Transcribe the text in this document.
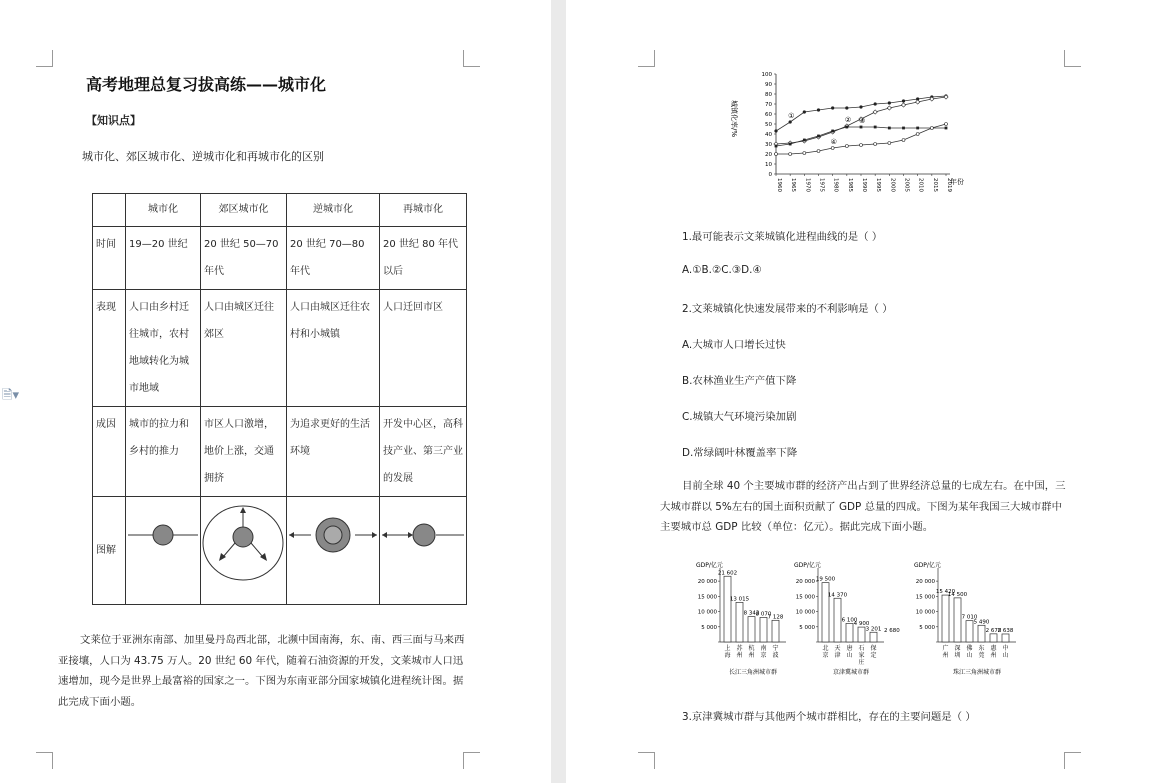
🗎▾
高考地理总复习拔高练——城市化
【知识点】
城市化、郊区城市化、逆城市化和再城市化的区别
	城市化	郊区城市化	逆城市化	再城市化
时间	19—20 世纪	20 世纪 50—70 年代	20 世纪 70—80 年代	20 世纪 80 年代以后
表现	人口由乡村迁往城市，农村地域转化为城市地域	人口由城区迁往郊区	人口由城区迁往农村和小城镇	人口迁回市区
成因	城市的拉力和乡村的推力	市区人口激增，地价上涨，交通拥挤	为追求更好的生活环境	开发中心区，高科技产业、第三产业的发展
图解				
文莱位于亚洲东南部、加里曼丹岛西北部，北濒中国南海，东、南、西三面与马来西亚接壤，人口为 43.75 万人。20 世纪 60 年代，随着石油资源的开发，文莱城市人口迅速增加，现今是世界上最富裕的国家之一。下图为东南亚部分国家城镇化进程统计图。据此完成下面小题。
城镇化率/%
年份
0
10
20
30
40
50
60
70
80
90
100
1960 1965 1970 1975 1980 1985 1990 1995 2000 2005 2010 2015 2019
①	② ③
④
1.最可能表示文莱城镇化进程曲线的是（ ）
A.①B.②C.③D.④
2.文莱城镇化快速发展带来的不利影响是（ ）
A.大城市人口增长过快
B.农林渔业生产产值下降
C.城镇大气环境污染加剧
D.常绿阔叶林覆盖率下降
目前全球 40 个主要城市群的经济产出占到了世界经济总量的七成左右。在中国，三大城市群以 5%左右的国土面积贡献了 GDP 总量的四成。下图为某年我国三大城市群中主要城市总 GDP 比较（单位：亿元）。据此完成下面小题。
GDP/亿元
5 000
10 000
15 000
20 000
21 602
上
海
13 015
苏
州
8 343
杭
州
8 070
南
京
7 128
宁
波
长江三角洲城市群
GDP/亿元
5 000
10 000
15 000
20 000 19 500
北
京
14 370
天
津
6 100
唐
山
4 900
石
家
庄
3 201
保
定
2 680
京津冀城市群
GDP/亿元
5 000
10 000
15 000
20 000
15 420
广
州
14 500
深
圳
7 010
佛
山
5 490
东
莞
2 678
惠
州
2 638
中
山
珠江三角洲城市群
3.京津冀城市群与其他两个城市群相比，存在的主要问题是（ ）
